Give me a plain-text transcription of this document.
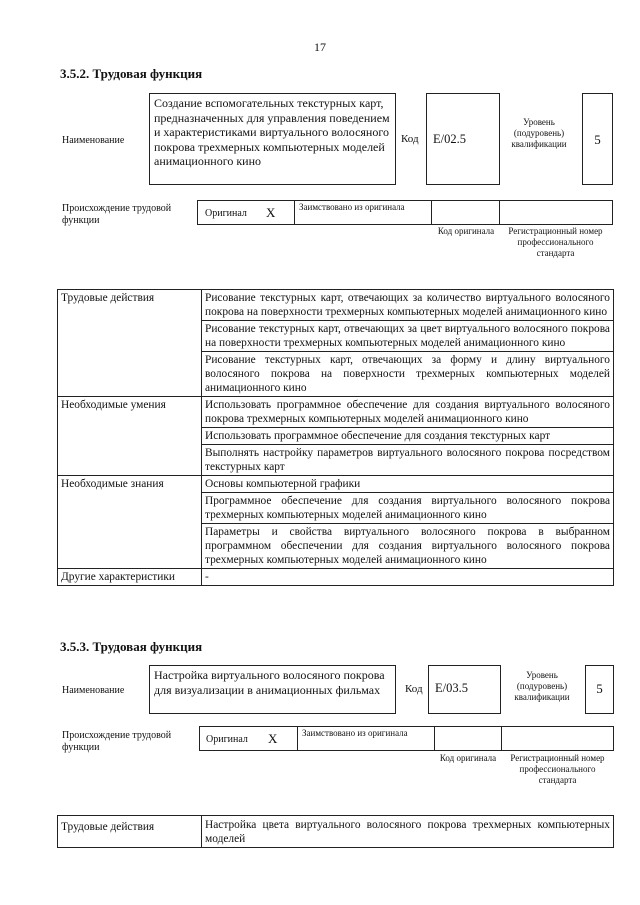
17
3.5.2. Трудовая функция
Наименование
Создание вспомогательных текстурных карт, предназначенных для управления поведением и характеристиками виртуального волосяного покрова трехмерных компьютерных моделей анимационного кино
Код	E/02.5
Уровень (подуровень) квалификации	5
Происхождение трудовой функции
Оригинал X	Заимствовано из оригинала
Код оригинала	Регистрационный номер профессионального стандарта
Трудовые действия	Рисование текстурных карт, отвечающих за количество виртуального волосяного покрова на поверхности трехмерных компьютерных моделей анимационного кино
	Рисование текстурных карт, отвечающих за цвет виртуального волосяного покрова на поверхности трехмерных компьютерных моделей анимационного кино
	Рисование текстурных карт, отвечающих за форму и длину виртуального волосяного покрова на поверхности трехмерных компьютерных моделей анимационного кино
Необходимые умения	Использовать программное обеспечение для создания виртуального волосяного покрова трехмерных компьютерных моделей анимационного кино
	Использовать программное обеспечение для создания текстурных карт
	Выполнять настройку параметров виртуального волосяного покрова посредством текстурных карт
Необходимые знания	Основы компьютерной графики
	Программное обеспечение для создания виртуального волосяного покрова трехмерных компьютерных моделей анимационного кино
	Параметры и свойства виртуального волосяного покрова в выбранном программном обеспечении для создания виртуального волосяного покрова трехмерных компьютерных моделей анимационного кино
Другие характеристики	-
3.5.3. Трудовая функция
Наименование
Настройка виртуального волосяного покрова для визуализации в анимационных фильмах	Код E/03.5
Уровень (подуровень) квалификации
5
Происхождение трудовой функции
Оригинал X	Заимствовано из оригинала
Код оригинала	Регистрационный номер профессионального стандарта
Трудовые действия	Настройка цвета виртуального волосяного покрова трехмерных компьютерных моделей
